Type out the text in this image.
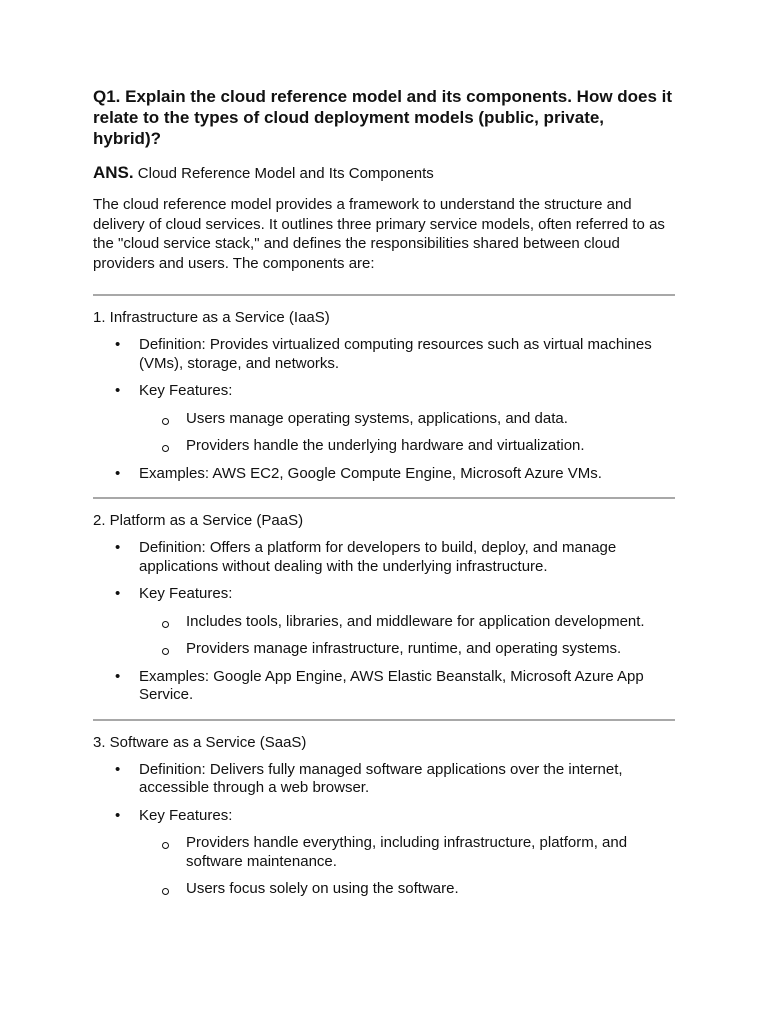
Q1. Explain the cloud reference model and its components. How does it relate to the types of cloud deployment models (public, private, hybrid)?

ANS. Cloud Reference Model and Its Components
The cloud reference model provides a framework to understand the structure and delivery of cloud services. It outlines three primary service models, often referred to as the "cloud service stack," and defines the responsibilities shared between cloud providers and users. The components are:
1. Infrastructure as a Service (IaaS)
• Definition: Provides virtualized computing resources such as virtual machines (VMs), storage, and networks.
• Key Features:
Users manage operating systems, applications, and data.
Providers handle the underlying hardware and virtualization.
• Examples: AWS EC2, Google Compute Engine, Microsoft Azure VMs.
2. Platform as a Service (PaaS)
• Definition: Offers a platform for developers to build, deploy, and manage applications without dealing with the underlying infrastructure.
• Key Features:
Includes tools, libraries, and middleware for application development.
Providers manage infrastructure, runtime, and operating systems.
• Examples: Google App Engine, AWS Elastic Beanstalk, Microsoft Azure App Service.
3. Software as a Service (SaaS)
• Definition: Delivers fully managed software applications over the internet, accessible through a web browser.
• Key Features:
Providers handle everything, including infrastructure, platform, and software maintenance.
Users focus solely on using the software.
